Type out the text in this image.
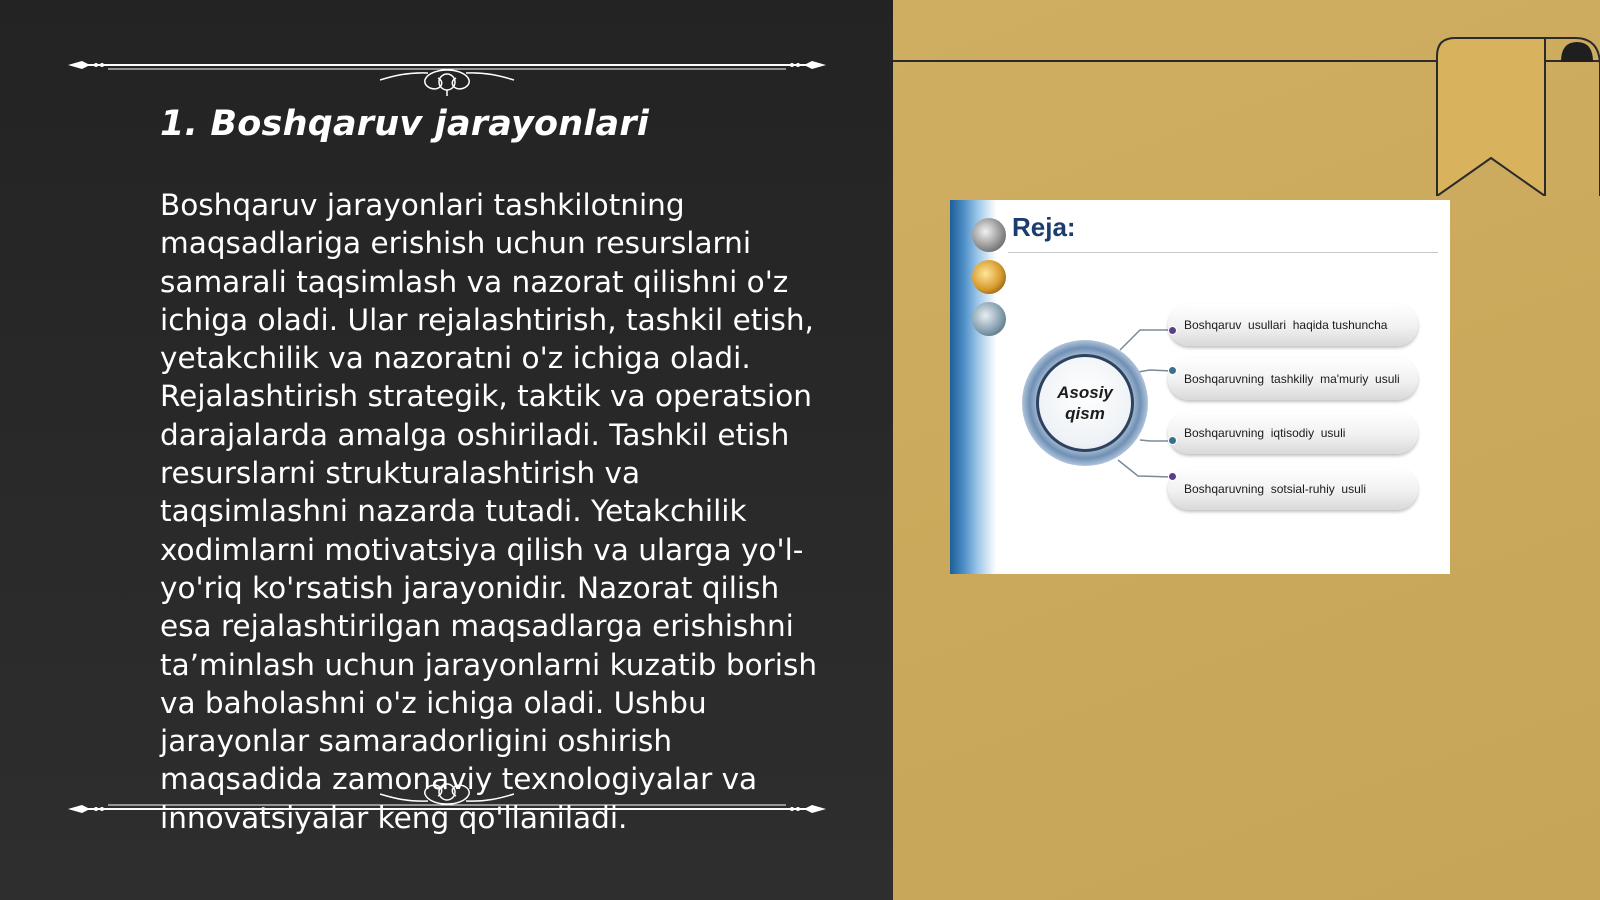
1. Boshqaruv jarayonlari
Boshqaruv jarayonlari tashkilotning maqsadlariga erishish uchun resurslarni samarali taqsimlash va nazorat qilishni o'z ichiga oladi. Ular rejalashtirish, tashkil etish, yetakchilik va nazoratni o'z ichiga oladi. Rejalashtirish strategik, taktik va operatsion darajalarda amalga oshiriladi. Tashkil etish resurslarni strukturalashtirish va taqsimlashni nazarda tutadi. Yetakchilik xodimlarni motivatsiya qilish va ularga yo'l-yo'riq ko'rsatish jarayonidir. Nazorat qilish esa rejalashtirilgan maqsadlarga erishishni ta’minlash uchun jarayonlarni kuzatib borish va baholashni o'z ichiga oladi. Ushbu jarayonlar samaradorligini oshirish maqsadida zamonaviy texnologiyalar va innovatsiyalar keng qo'llaniladi.
Reja:
Asosiy qism
Boshqaruv  usullari  haqida tushuncha
Boshqaruvning  tashkiliy  ma'muriy  usuli
Boshqaruvning  iqtisodiy  usuli
Boshqaruvning  sotsial-ruhiy  usuli
